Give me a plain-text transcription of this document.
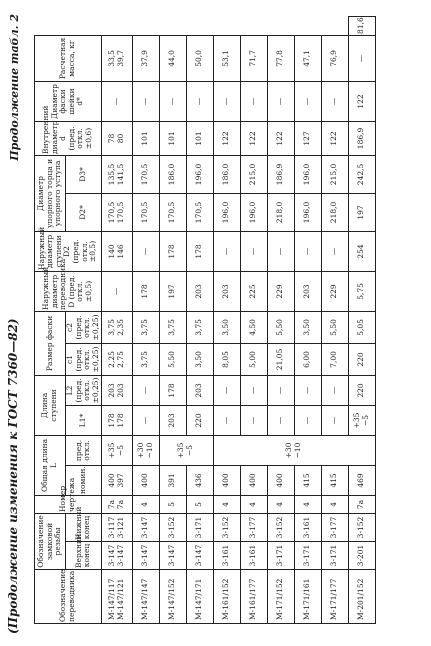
(Продолжение изменения к ГОСТ 7360—82)
Продолжение табл. 2
Обозначение переводника	Обозначение замковой резьбы		Номер чертежа	Общая длина L		Длина ступени		Размер фаски		Наружный диаметр переводника D (пред. откл. ±0,5)	Наружный диаметр ступени D2 (пред. откл. ±0,5)	Диаметр упорного торца и упорного уступа		Внутренний диаметр d (пред. откл. ±0,6)	Диаметр фаски шейки d*	Расчетная масса, кг	
	Верхний конец	Нижний конец		номин.	пред. откл.	L1*	L2 (пред. откл. ±0,25)	c1 (пред. откл. ±0,25)	c2 (пред. откл. ±0,25)			D2*	D3*				

М-147/117 М-147/121	3-147 3-147	3-117 3-121	7а 7а	400 397	+35 −5	178 178	203 203	2,25 2,75	3,75 2,35	—	140 146	170,5 170,5	135,5 141,5	78 80	—	33,5 39,7	

М-147/147	3-147	3-147	4	400	+30 −10	—	—	3,75	3,75	178	—	170,5	170,5	101	—	37,9	
М-147/152	3-147	3-152	5	391	+35 −5	203	178	5,50	3,75	197	178	170,5	186,0	101	—	44,0	
М-147/171	3-147	3-171	5	436		220	203	3,50	3,75	203	178	170,5	196,0	101	—	50,0	
М-161/152	3-161	3-152	4	400	+30 −10	—	—	8,05	3,50	203	—	196,0	186,0	122	—	53,1	
М-161/177	3-161	3-177	4	400		—	—	5,00	4,50	225	—	196,0	215,0	122	—	71,7	
М-171/152	3-171	3-152	4	400		—	—	21,05	5,50	229	—	218,0	186,9	122	—	77,8	
М-171/161	3-171	3-161	4	415		—	—	6,00	3,50	203	—	196,0	196,0	127	—	47,1	
М-171/177	3-171	3-177	4	415		—	—	7,00	5,50	229	—	218,0	215,0	122	—	76,9	
М-201/152	3-201	3-152	7а	469		+35 −5	220	220	5,05	5,75	254	197	242,5	186,9	122	—	81,6
